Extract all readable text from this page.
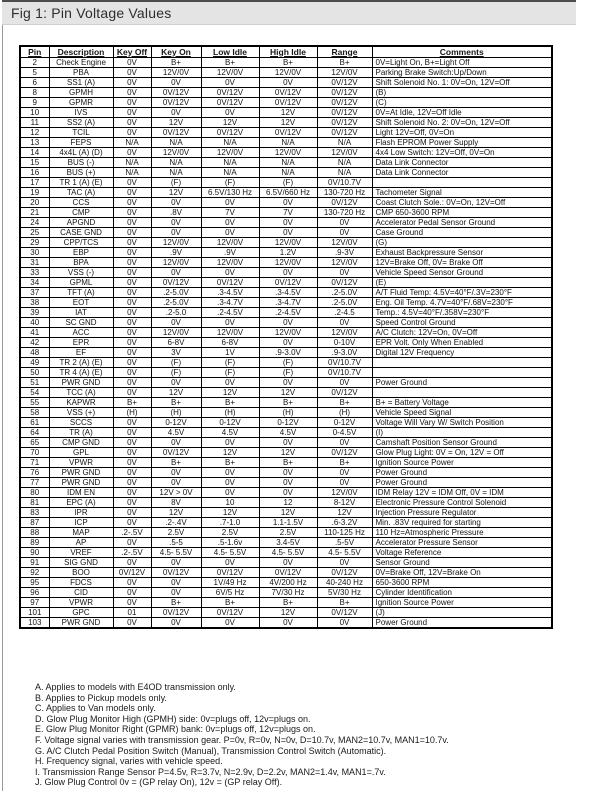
Fig 1: Pin Voltage Values
Pin	Description	Key Off	Key On	Low Idle	High Idle	Range	Comments
2	Check Engine	0V	B+	B+	B+	B+	0V=Light On, B+=Light Off
5	PBA	0V	12V/0V	12V/0V	12V/0V	12V/0V	Parking Brake Switch:Up/Down
6	SS1 (A)	0V	0V	0V	0V	0V/12V	Shift Solenoid No. 1: 0V=On, 12V=Off
8	GPMH	0V	0V/12V	0V/12V	0V/12V	0V/12V	(B)
9	GPMR	0V	0V/12V	0V/12V	0V/12V	0V/12V	(C)
10	IVS	0V	0V	0V	12V	0V/12V	0V=At Idle, 12V=Off Idle
11	SS2 (A)	0V	12V	12V	12V	0V/12V	Shift Solenoid No. 2: 0V=On, 12V=Off
12	TCIL	0V	0V/12V	0V/12V	0V/12V	0V/12V	Light 12V=Off, 0V=On
13	FEPS	N/A	N/A	N/A	N/A	N/A	Flash EPROM Power Supply
14	4x4L (A) (D)	0V	12V/0V	12V/0V	12V/0V	12V/0V	4x4 Low Switch: 12V=Off, 0V=On
15	BUS (-)	N/A	N/A	N/A	N/A	N/A	Data Link Connector
16	BUS (+)	N/A	N/A	N/A	N/A	N/A	Data Link Connector
17	TR 1 (A) (E)	0V	(F)	(F)	(F)	0V/10.7V	
19	TAC (A)	0V	12V	6.5V/130 Hz	6.5V/660 Hz	130-720 Hz	Tachometer Signal
20	CCS	0V	0V	0V	0V	0V/12V	Coast Clutch Sole.: 0V=On, 12V=Off
21	CMP	0V	.8V	7V	7V	130-720 Hz	CMP 650-3600 RPM
24	APGND	0V	0V	0V	0V	0V	Accelerator Pedal Sensor Ground
25	CASE GND	0V	0V	0V	0V	0V	Case Ground
29	CPP/TCS	0V	12V/0V	12V/0V	12V/0V	12V/0V	(G)
30	EBP	0V	.9V	.9V	1.2V	.9-3V	Exhaust Backpressure Sensor
31	BPA	0V	12V/0V	12V/0V	12V/0V	12V/0V	12V=Brake Off, 0V= Brake Off
33	VSS (-)	0V	0V	0V	0V	0V	Vehicle Speed Sensor Ground
34	GPML	0V	0V/12V	0V/12V	0V/12V	0V/12V	(E)
37	TFT (A)	0V	.2-5.0V	.3-4.5V	.3-4.5V	.2-5.0V	A/T Fluid Temp: 4.5V=40°F/.3V=230°F
38	EOT	0V	.2-5.0V	.3-4.7V	.3-4.7V	.2-5.0V	Eng. Oil Temp. 4.7V=40°F/.68V=230°F
39	IAT	0V	.2-5.0	.2-4.5V	.2-4.5V	.2-4.5	Temp.: 4.5V=40°F/.358V=230°F
40	SC GND	0V	0V	0V	0V	0V	Speed Control Ground
41	ACC	0V	12V/0V	12V/0V	12V/0V	12V/0V	A/C Clutch: 12V=On, 0V=Off
42	EPR	0V	6-8V	6-8V	0V	0-10V	EPR Volt. Only When Enabled
48	EF	0V	3V	1V	.9-3.0V	.9-3.0V	Digital 12V Frequency
49	TR 2 (A) (E)	0V	(F)	(F)	(F)	0V/10.7V	
50	TR 4 (A) (E)	0V	(F)	(F)	(F)	0V/10.7V	
51	PWR GND	0V	0V	0V	0V	0V	Power Ground
54	TCC (A)	0V	12V	12V	12V	0V/12V	
55	KAPWR	B+	B+	B+	B+	B+	B+ = Battery Voltage
58	VSS (+)	(H)	(H)	(H)	(H)	(H)	Vehicle Speed Signal
61	SCCS	0V	0-12V	0-12V	0-12V	0-12V	Voltage Will Vary W/ Switch Position
64	TR (A)	0V	4.5V	4.5V	4.5V	0-4.5V	(I)
65	CMP GND	0V	0V	0V	0V	0V	Camshaft Position Sensor Ground
70	GPL	0V	0V/12V	12V	12V	0V/12V	Glow Plug Light: 0V = On, 12V = Off
71	VPWR	0V	B+	B+	B+	B+	Ignition Source Power
76	PWR GND	0V	0V	0V	0V	0V	Power Ground
77	PWR GND	0V	0V	0V	0V	0V	Power Ground
80	IDM EN	0V	12V > 0V	0V	0V	12V/0V	IDM Relay 12V = IDM Off, 0V = IDM
81	EPC (A)	0V	8V	10	12	8-12V	Electronic Pressure Control Solenoid
83	IPR	0V	12V	12V	12V	12V	Injection Pressure Regulator
87	ICP	0V	.2-.4V	.7-1.0	1.1-1.5V	.6-3.2V	Min. .83V required for starting
88	MAP	.2-.5V	2.5V	2.5V	2.5V	110-125 Hz	110 Hz=Atmospheric Pressure
89	AP	0V	.5-5	.5-1.6v	3.4-5V	.5-5V	Accelerator Pressure Sensor
90	VREF	.2-.5V	4.5- 5.5V	4.5- 5.5V	4.5- 5.5V	4.5- 5.5V	Voltage Reference
91	SIG GND	0V	0V	0V	0V	0V	Sensor Ground
92	BOO	0V/12V	0V/12V	0V/12V	0V/12V	0V/12V	0V=Brake Off, 12V=Brake On
95	FDCS	0V	0V	1V/49 Hz	4V/200 Hz	40-240 Hz	650-3600 RPM
96	CID	0V	0V	6V/5 Hz	7V/30 Hz	5V/30 Hz	Cylinder Identification
97	VPWR	0V	B+	B+	B+	B+	Ignition Source Power
101	GPC	01	0V/12V	0V/12V	12V	0V/12V	(J)
103	PWR GND	0V	0V	0V	0V	0V	Power Ground
A. Applies to models with E4OD transmission only.
B. Applies to Pickup models only.
C. Applies to Van models only.
D. Glow Plug Monitor High (GPMH) side: 0v=plugs off, 12v=plugs on.
E. Glow Plug Monitor Right (GPMR) bank: 0v=plugs off, 12v=plugs on.
F. Voltage signal varies with transmission gear. P=0v, R=0v, N=0v, D=10.7v, MAN2=10.7v, MAN1=10.7v.
G. A/C Clutch Pedal Position Switch (Manual), Transmission Control Switch (Automatic).
H. Frequency signal, varies with vehicle speed.
I. Transmission Range Sensor P=4.5v, R=3.7v, N=2.9v, D=2.2v, MAN2=1.4v, MAN1=.7v.
J. Glow Plug Control 0v = (GP relay On), 12v = (GP relay Off).
